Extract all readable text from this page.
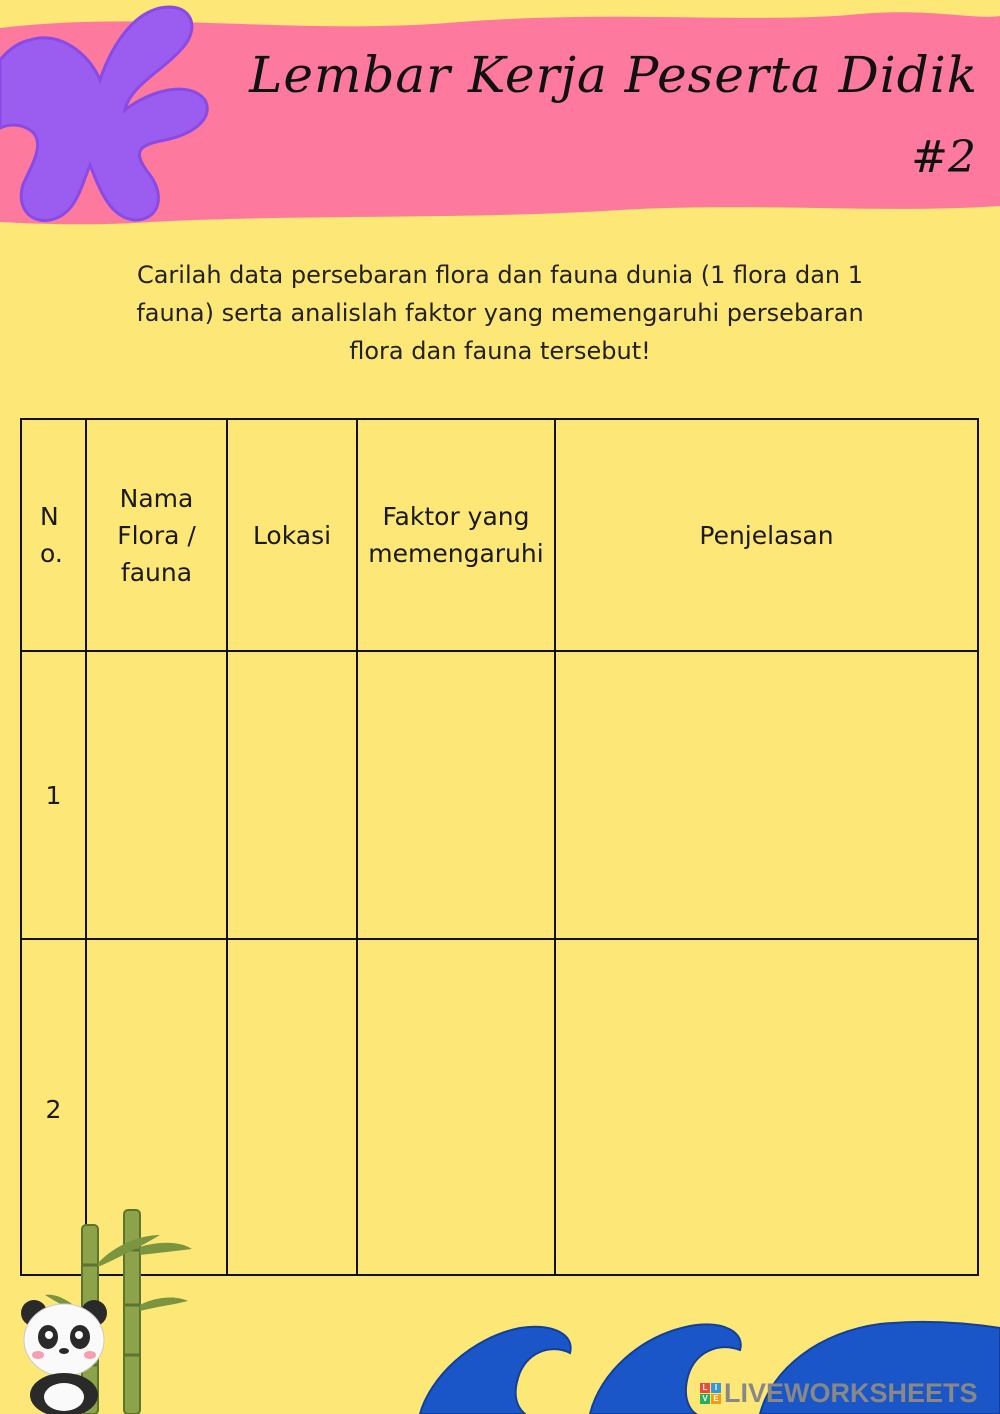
Lembar Kerja Peserta Didik
#2

Carilah data persebaran flora dan fauna dunia (1 flora dan 1 fauna) serta analislah faktor yang memengaruhi persebaran flora dan fauna tersebut!

No.	Nama Flora / fauna	Lokasi	Faktor yang memengaruhi	Penjelasan
1				
2				
L I
V E LIVEWORKSHEETS
